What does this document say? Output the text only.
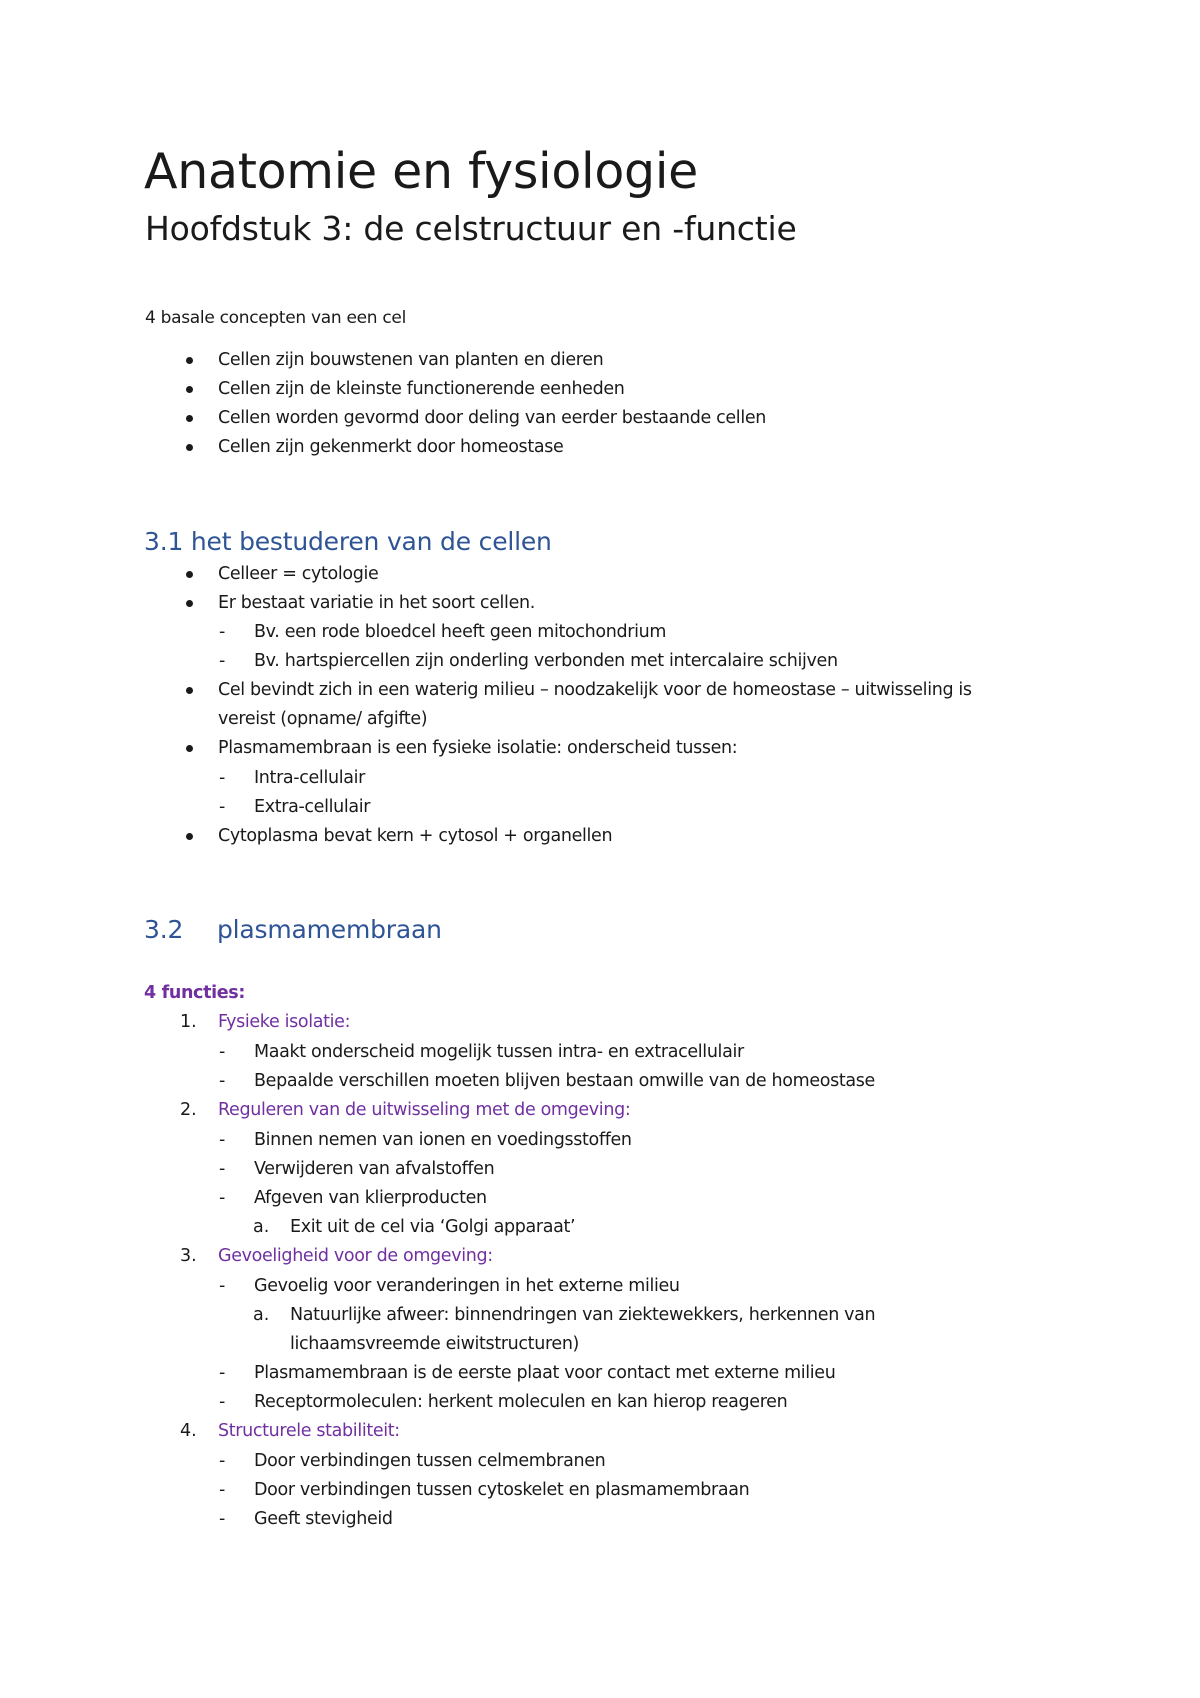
Anatomie en fysiologie
Hoofdstuk 3: de celstructuur en -functie
4 basale concepten van een cel
Cellen zijn bouwstenen van planten en dieren
Cellen zijn de kleinste functionerende eenheden
Cellen worden gevormd door deling van eerder bestaande cellen
Cellen zijn gekenmerkt door homeostase
3.1 het bestuderen van de cellen
Celleer = cytologie
Er bestaat variatie in het soort cellen.
- Bv. een rode bloedcel heeft geen mitochondrium
- Bv. hartspiercellen zijn onderling verbonden met intercalaire schijven
Cel bevindt zich in een waterig milieu – noodzakelijk voor de homeostase – uitwisseling is
vereist (opname/ afgifte)
Plasmamembraan is een fysieke isolatie: onderscheid tussen:
- Intra-cellulair
- Extra-cellulair
Cytoplasma bevat kern + cytosol + organellen
3.2 plasmamembraan
4 functies:
1. Fysieke isolatie:
- Maakt onderscheid mogelijk tussen intra- en extracellulair
- Bepaalde verschillen moeten blijven bestaan omwille van de homeostase
2. Reguleren van de uitwisseling met de omgeving:
- Binnen nemen van ionen en voedingsstoffen
- Verwijderen van afvalstoffen
- Afgeven van klierproducten
a. Exit uit de cel via ‘Golgi apparaat’
3. Gevoeligheid voor de omgeving:
- Gevoelig voor veranderingen in het externe milieu
a. Natuurlijke afweer: binnendringen van ziektewekkers, herkennen van
lichaamsvreemde eiwitstructuren)
- Plasmamembraan is de eerste plaat voor contact met externe milieu
- Receptormoleculen: herkent moleculen en kan hierop reageren
4. Structurele stabiliteit:
- Door verbindingen tussen celmembranen
- Door verbindingen tussen cytoskelet en plasmamembraan
- Geeft stevigheid
